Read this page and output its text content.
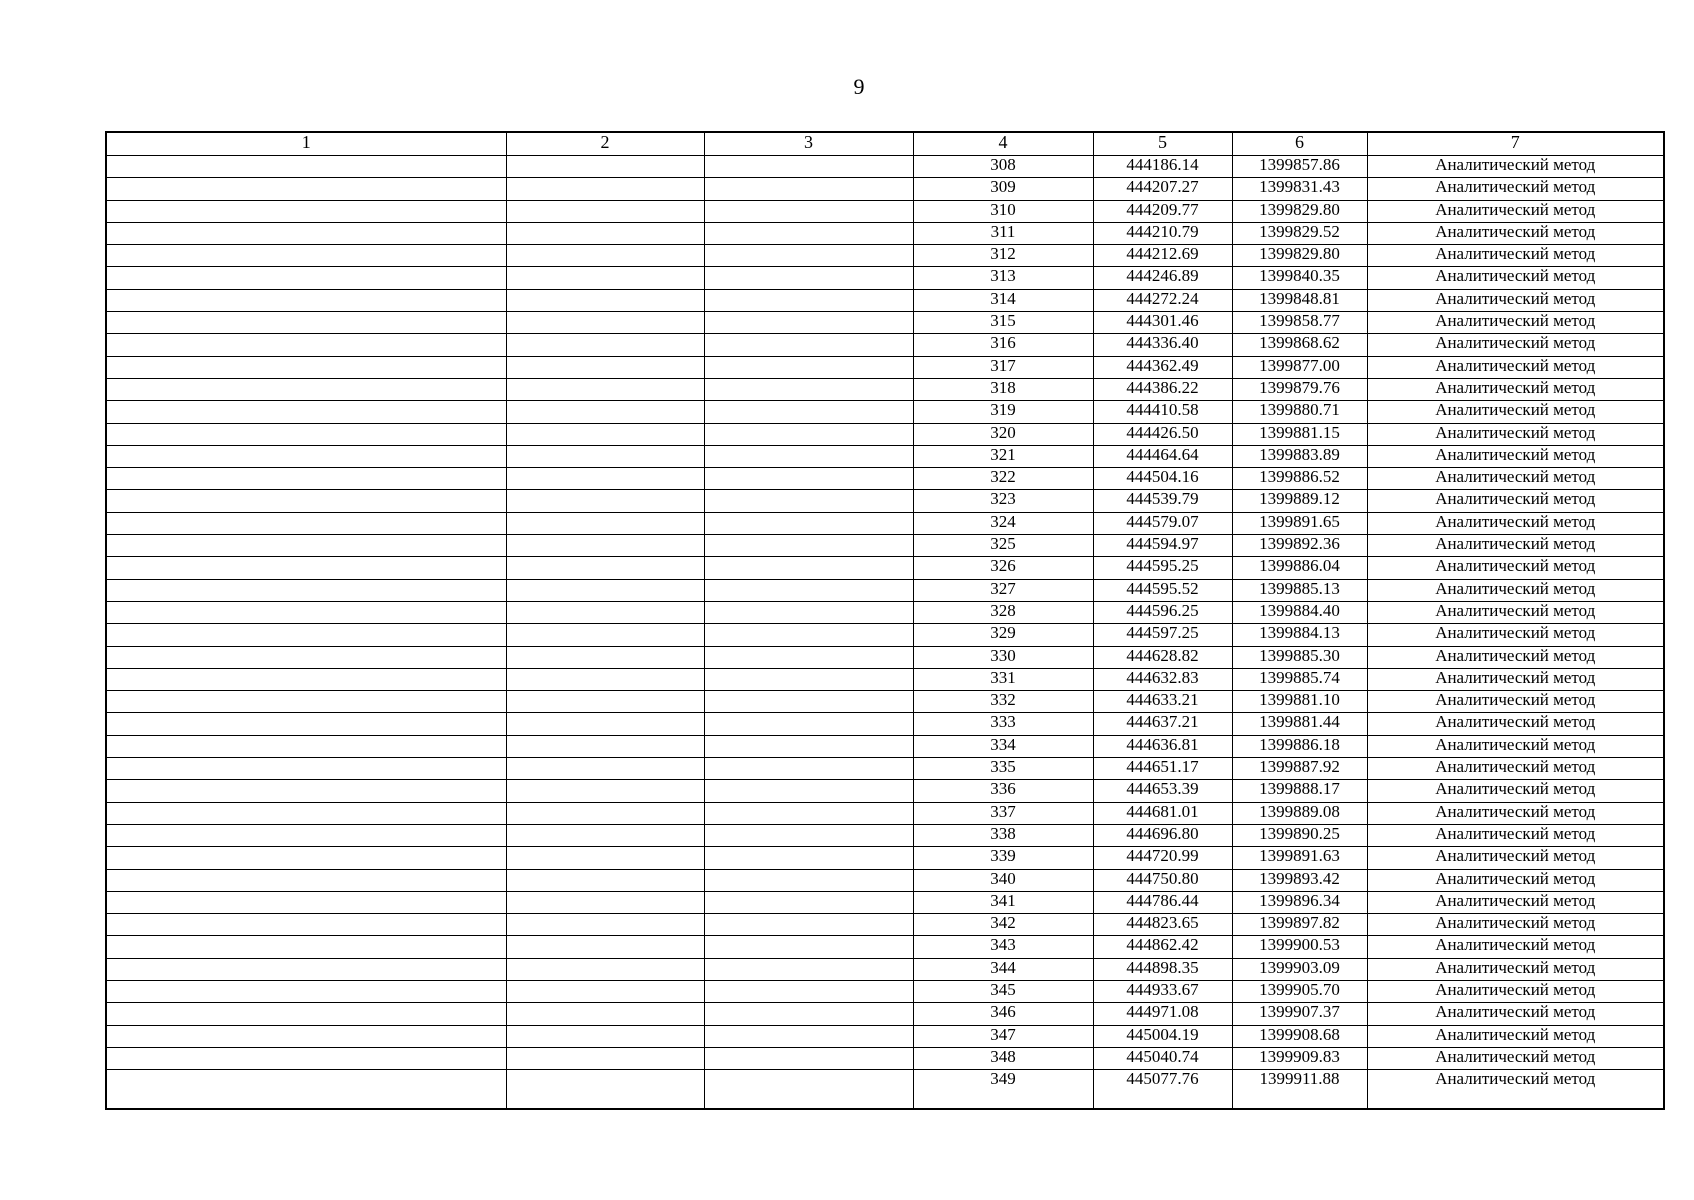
9
1	2	3	4	5	6	7
			308	444186.14	1399857.86	Аналитический метод
			309	444207.27	1399831.43	Аналитический метод
			310	444209.77	1399829.80	Аналитический метод
			311	444210.79	1399829.52	Аналитический метод
			312	444212.69	1399829.80	Аналитический метод
			313	444246.89	1399840.35	Аналитический метод
			314	444272.24	1399848.81	Аналитический метод
			315	444301.46	1399858.77	Аналитический метод
			316	444336.40	1399868.62	Аналитический метод
			317	444362.49	1399877.00	Аналитический метод
			318	444386.22	1399879.76	Аналитический метод
			319	444410.58	1399880.71	Аналитический метод
			320	444426.50	1399881.15	Аналитический метод
			321	444464.64	1399883.89	Аналитический метод
			322	444504.16	1399886.52	Аналитический метод
			323	444539.79	1399889.12	Аналитический метод
			324	444579.07	1399891.65	Аналитический метод
			325	444594.97	1399892.36	Аналитический метод
			326	444595.25	1399886.04	Аналитический метод
			327	444595.52	1399885.13	Аналитический метод
			328	444596.25	1399884.40	Аналитический метод
			329	444597.25	1399884.13	Аналитический метод
			330	444628.82	1399885.30	Аналитический метод
			331	444632.83	1399885.74	Аналитический метод
			332	444633.21	1399881.10	Аналитический метод
			333	444637.21	1399881.44	Аналитический метод
			334	444636.81	1399886.18	Аналитический метод
			335	444651.17	1399887.92	Аналитический метод
			336	444653.39	1399888.17	Аналитический метод
			337	444681.01	1399889.08	Аналитический метод
			338	444696.80	1399890.25	Аналитический метод
			339	444720.99	1399891.63	Аналитический метод
			340	444750.80	1399893.42	Аналитический метод
			341	444786.44	1399896.34	Аналитический метод
			342	444823.65	1399897.82	Аналитический метод
			343	444862.42	1399900.53	Аналитический метод
			344	444898.35	1399903.09	Аналитический метод
			345	444933.67	1399905.70	Аналитический метод
			346	444971.08	1399907.37	Аналитический метод
			347	445004.19	1399908.68	Аналитический метод
			348	445040.74	1399909.83	Аналитический метод
			349	445077.76	1399911.88	Аналитический метод
